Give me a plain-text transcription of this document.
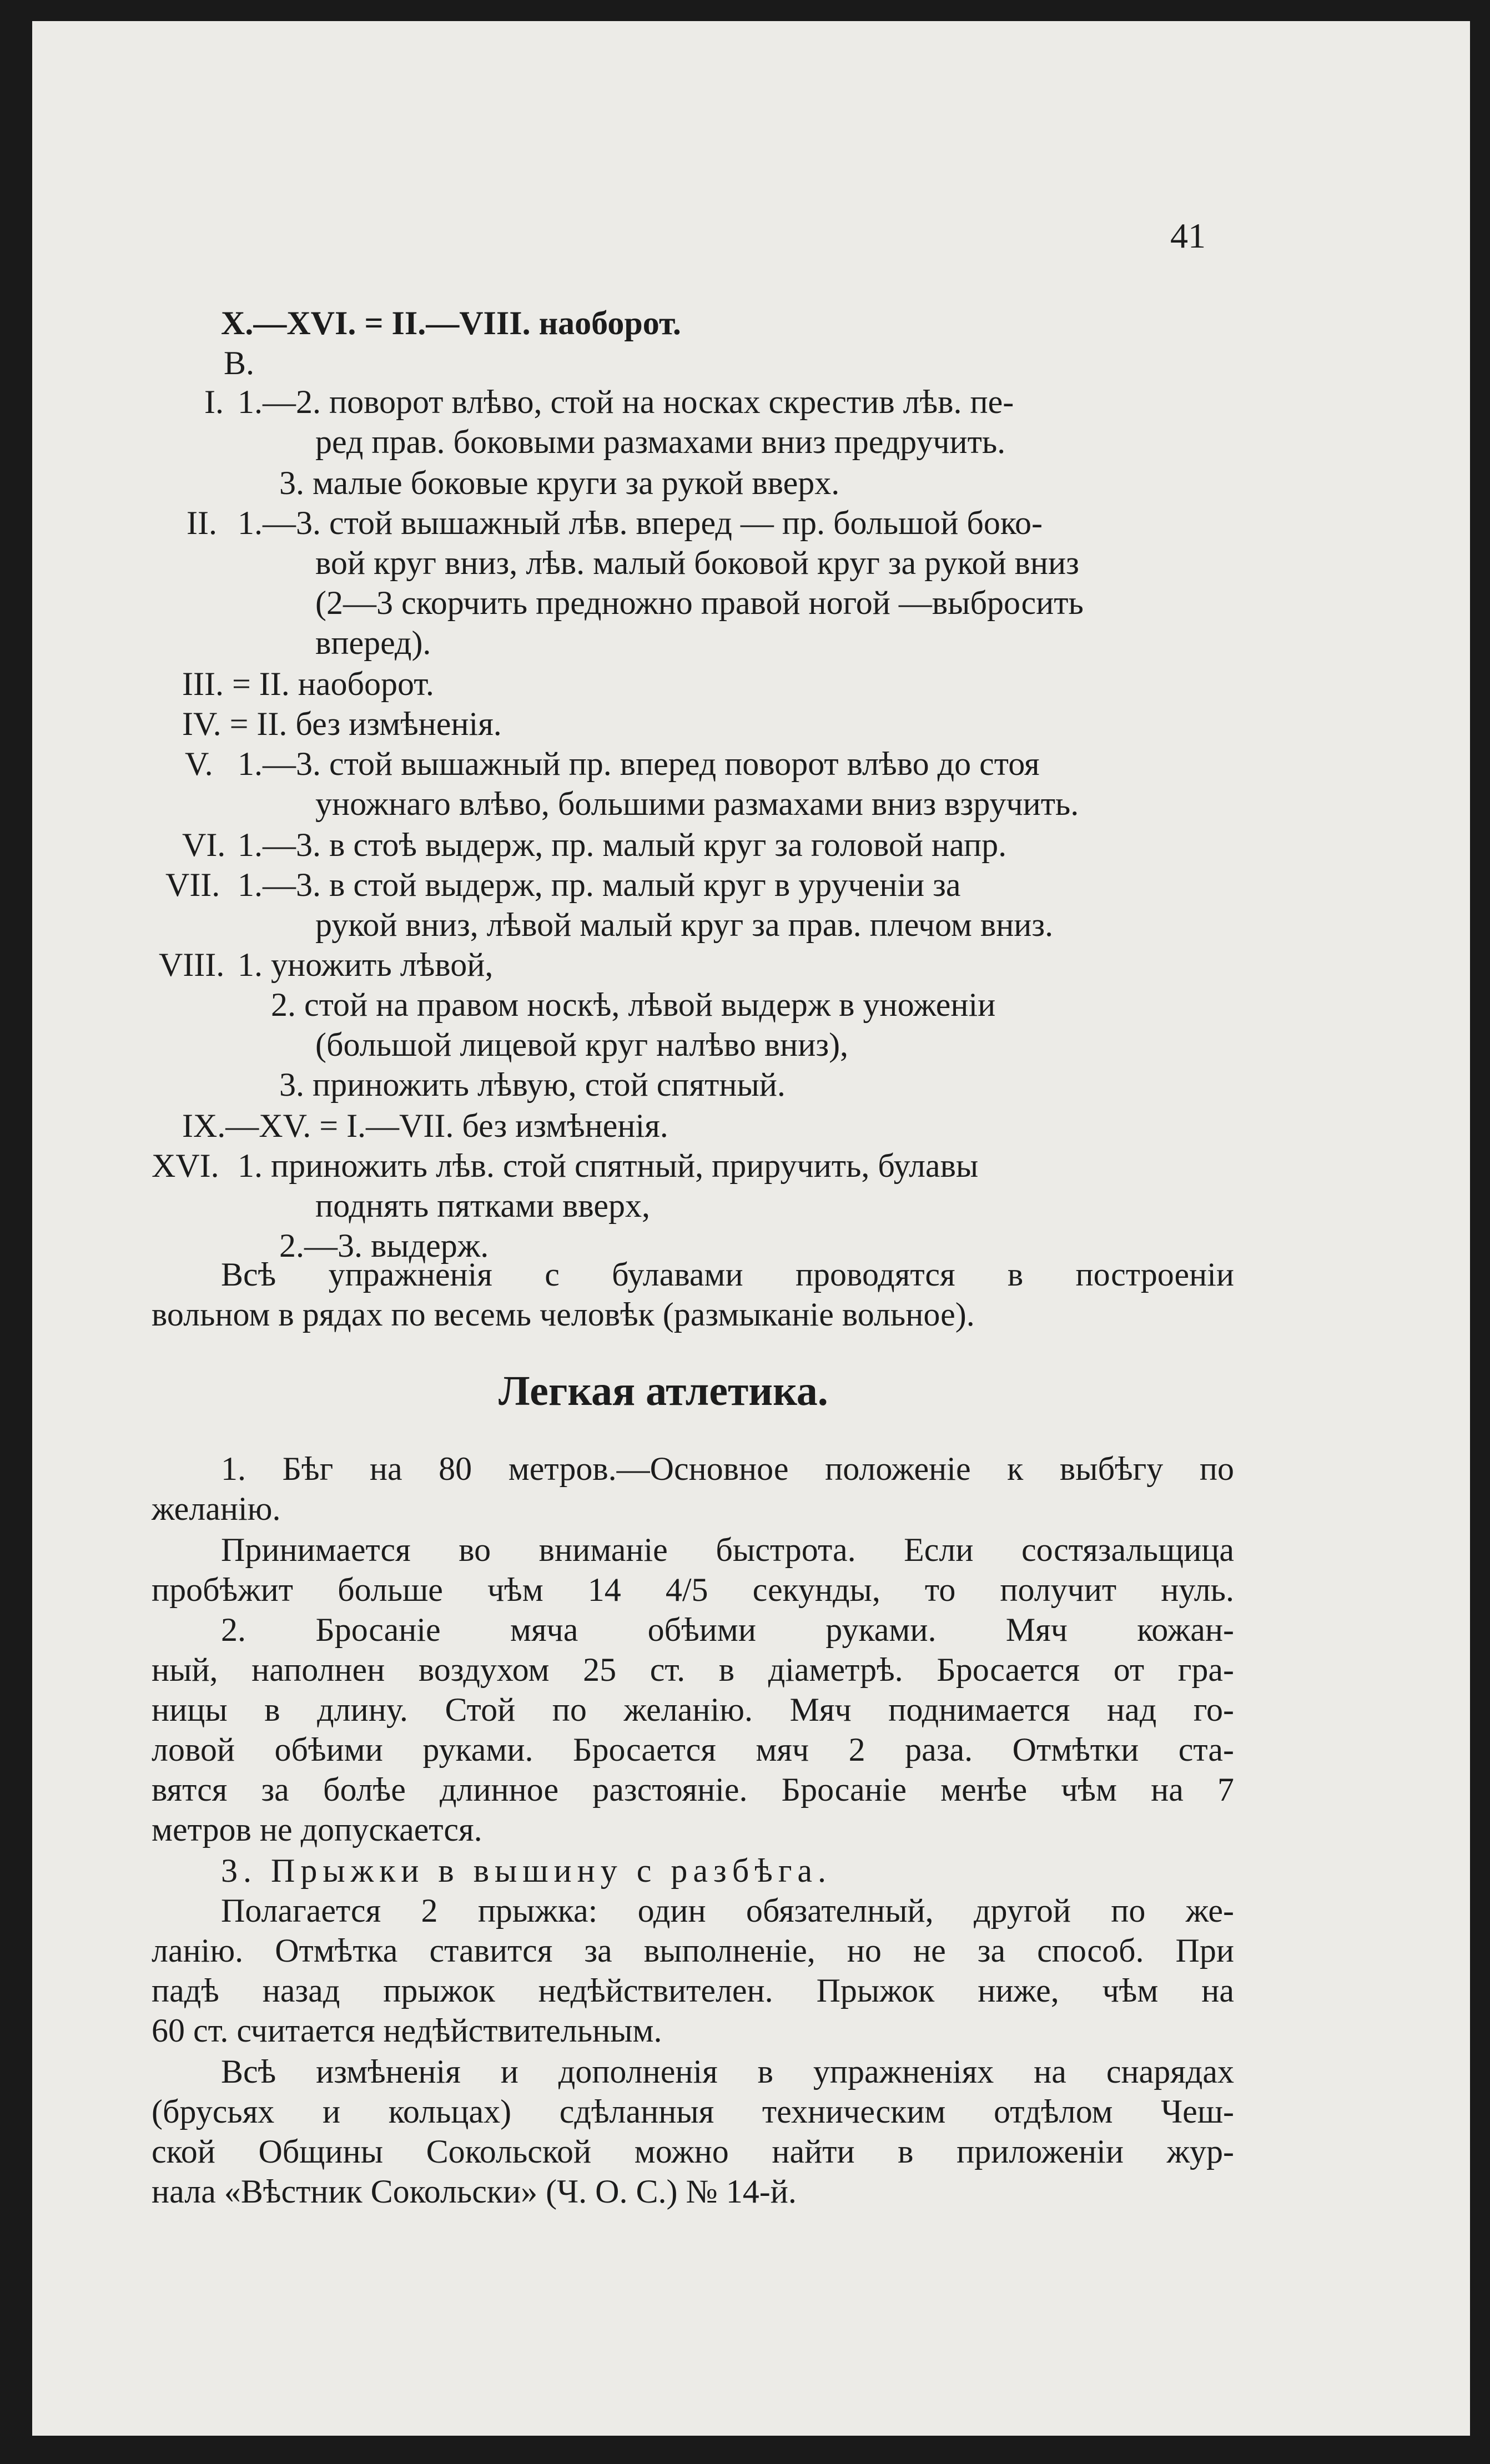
41
X.—XVI. = II.—VIII. наоборот.
В.
I. 1.—2. поворот влѣво, стой на носках скрестив лѣв. пе-
ред прав. боковыми размахами вниз предручить.
3. малые боковые круги за рукой вверх.
II. 1.—3. стой вышажный лѣв. вперед — пр. большой боко-
вой круг вниз, лѣв. малый боковой круг за рукой вниз
(2—3 скорчить предножно правой ногой —выбросить
вперед).
III. = II. наоборот.
IV. = II. без измѣненія.
V. 1.—3. стой вышажный пр. вперед поворот влѣво до стоя
уножнаго влѣво, большими размахами вниз взручить.
VI. 1.—3. в стоѣ выдерж, пр. малый круг за головой напр.
VII. 1.—3. в стой выдерж, пр. малый круг в урученіи за
рукой вниз, лѣвой малый круг за прав. плечом вниз.
VIII. 1. уножить лѣвой,
2. стой на правом носкѣ, лѣвой выдерж в уноженіи
(большой лицевой круг налѣво вниз),
3. приножить лѣвую, стой спятный.
IX.—XV. = I.—VII. без измѣненія.
XVI. 1. приножить лѣв. стой спятный, приручить, булавы
поднять пятками вверх,
2.—3. выдерж.
Всѣ упражненія с булавами проводятся в построеніи
вольном в рядах по весемь человѣк (размыканіе вольное).
Легкая атлетика.
1. Бѣг на 80 метров.—Основное положеніе к выбѣгу по
желанію.
Принимается во вниманіе быстрота. Если состязальщица
пробѣжит больше чѣм 14 4/5 секунды, то получит нуль.
2. Бросаніе мяча обѣими руками. Мяч кожан-
ный, наполнен воздухом 25 ст. в діаметрѣ. Бросается от гра-
ницы в длину. Стой по желанію. Мяч поднимается над го-
ловой обѣими руками. Бросается мяч 2 раза. Отмѣтки ста-
вятся за болѣе длинное разстояніе. Бросаніе менѣе чѣм на 7
метров не допускается.
3. Прыжки в вышину с разбѣга.
Полагается 2 прыжка: один обязателный, другой по же-
ланію. Отмѣтка ставится за выполненіе, но не за способ. При
падѣ назад прыжок недѣйствителен. Прыжок ниже, чѣм на
60 ст. считается недѣйствительным.
Всѣ измѣненія и дополненія в упражненіях на снарядах
(брусьях и кольцах) сдѣланныя техническим отдѣлом Чеш-
ской Общины Сокольской можно найти в приложеніи жур-
нала «Вѣстник Сокольски» (Ч. О. С.) № 14-й.
